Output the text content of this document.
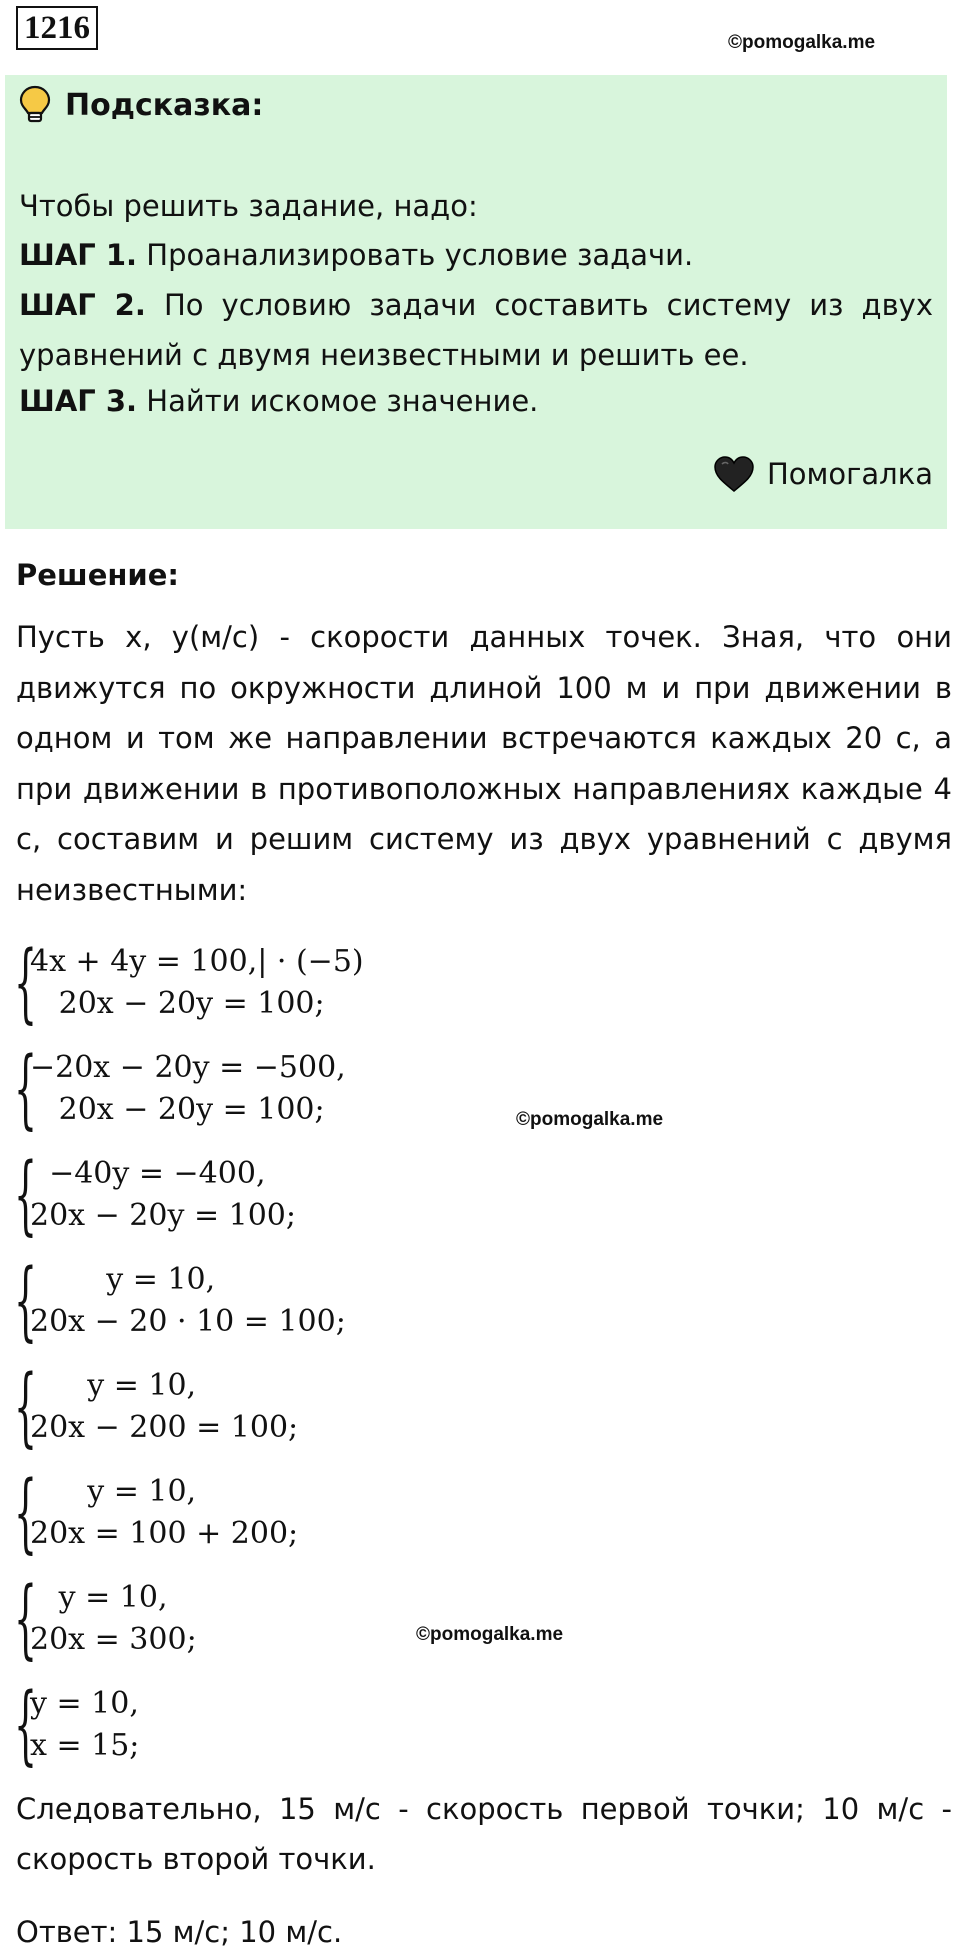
1216	©pomogalka.me
Подсказка:
Чтобы решить задание, надо:
ШАГ 1. Проанализировать условие задачи.
ШАГ 2. По условию задачи составить систему из двух уравнений с двумя неизвестными и решить ее.
ШАГ 3. Найти искомое значение.
Помогалка
Решение:
Пусть x, y(м/с) - скорости данных точек. Зная, что они движутся по окружности длиной 100 м и при движении в одном и том же направлении встречаются каждых 20 с, а при движении в противоположных направлениях каждые 4 с, составим и решим систему из двух уравнений с двумя неизвестными:
{
4x + 4y = 100,| · (−5)
20x − 20y = 100;
{
−20x − 20y = −500,
20x − 20y = 100;
{
−40y = −400,
20x − 20y = 100;
{
y = 10,
20x − 20 · 10 = 100;
{
y = 10,
20x − 200 = 100;
{
y = 10,
20x = 100 + 200;
{
y = 10,
20x = 300;
{
y = 10,
x = 15;
©pomogalka.me
©pomogalka.me
Следовательно, 15 м/с - скорость первой точки; 10 м/с - скорость второй точки.
Ответ: 15 м/с; 10 м/с.
